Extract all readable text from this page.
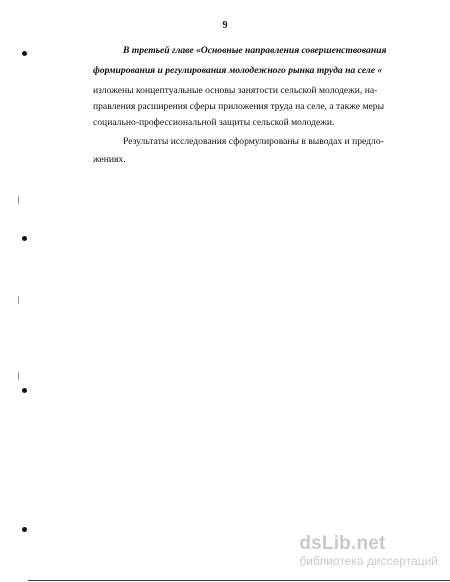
9
В третьей главе «Основные направления совершенствования
формирования и регулирования молодежного рынка труда на селе «
изложены концептуальные основы занятости сельской молодежи, на-
правления расширения сферы приложения труда на селе, а также меры
социально-профессиональной защиты сельской молодежи.
Результаты исследования сформулированы в выводах и предло-
жениях.
dsLib.net
библиотека диссертаций
